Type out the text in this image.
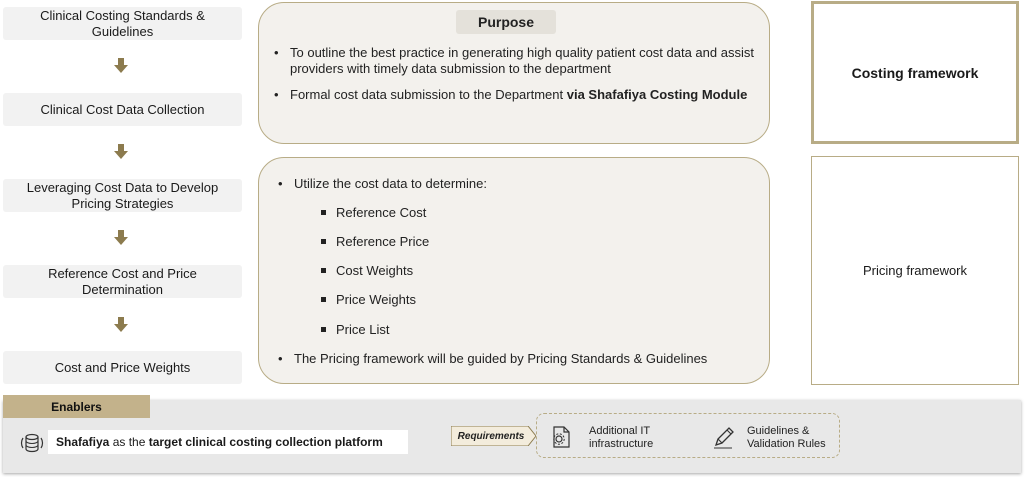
Clinical Costing Standards & Guidelines
Clinical Cost Data Collection
Leveraging Cost Data to Develop Pricing Strategies
Reference Cost and Price Determination
Cost and Price Weights
Purpose
• To outline the best practice in generating high quality patient cost data and assist providers with timely data submission to the department
• Formal cost data submission to the Department via Shafafiya Costing Module
• Utilize the cost data to determine:
Reference Cost
Reference Price
Cost Weights
Price Weights
Price List
• The Pricing framework will be guided by Pricing Standards & Guidelines
Costing framework
Pricing framework
Enablers
Shafafiya as the target clinical costing collection platform	Requirements	Additional IT infrastructure
Guidelines & Validation Rules
